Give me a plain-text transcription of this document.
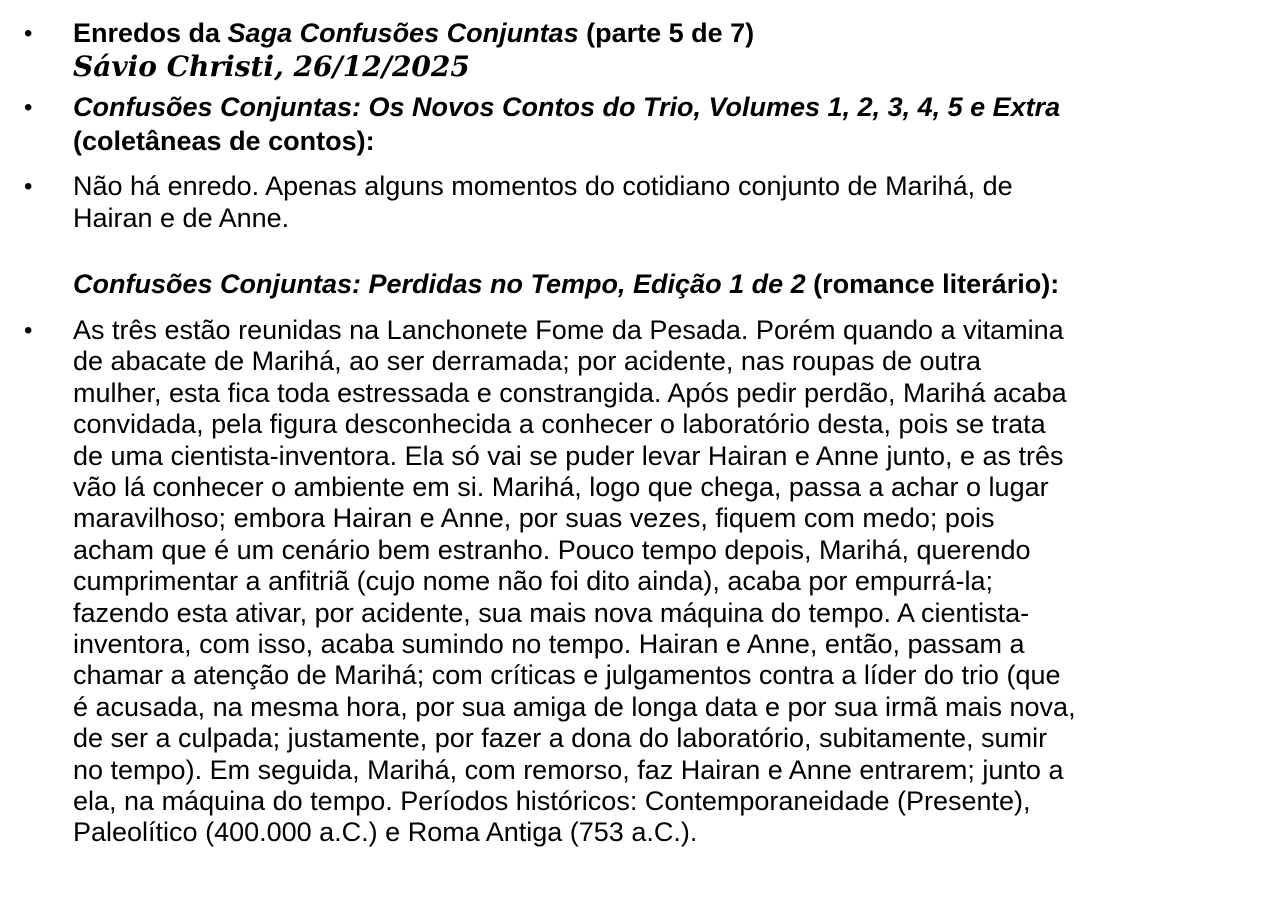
• Enredos da Saga Confusões Conjuntas (parte 5 de 7)
Sávio Christi, 26/12/2025
• Confusões Conjuntas: Os Novos Contos do Trio, Volumes 1, 2, 3, 4, 5 e Extra
(coletâneas de contos):
• Não há enredo. Apenas alguns momentos do cotidiano conjunto de Marihá, de
Hairan e de Anne.
Confusões Conjuntas: Perdidas no Tempo, Edição 1 de 2 (romance literário):
• As três estão reunidas na Lanchonete Fome da Pesada. Porém quando a vitamina
de abacate de Marihá, ao ser derramada; por acidente, nas roupas de outra
mulher, esta fica toda estressada e constrangida. Após pedir perdão, Marihá acaba
convidada, pela figura desconhecida a conhecer o laboratório desta, pois se trata
de uma cientista-inventora. Ela só vai se puder levar Hairan e Anne junto, e as três
vão lá conhecer o ambiente em si. Marihá, logo que chega, passa a achar o lugar
maravilhoso; embora Hairan e Anne, por suas vezes, fiquem com medo; pois
acham que é um cenário bem estranho. Pouco tempo depois, Marihá, querendo
cumprimentar a anfitriã (cujo nome não foi dito ainda), acaba por empurrá-la;
fazendo esta ativar, por acidente, sua mais nova máquina do tempo. A cientista-
inventora, com isso, acaba sumindo no tempo. Hairan e Anne, então, passam a
chamar a atenção de Marihá; com críticas e julgamentos contra a líder do trio (que
é acusada, na mesma hora, por sua amiga de longa data e por sua irmã mais nova,
de ser a culpada; justamente, por fazer a dona do laboratório, subitamente, sumir
no tempo). Em seguida, Marihá, com remorso, faz Hairan e Anne entrarem; junto a
ela, na máquina do tempo. Períodos históricos: Contemporaneidade (Presente),
Paleolítico (400.000 a.C.) e Roma Antiga (753 a.C.).
